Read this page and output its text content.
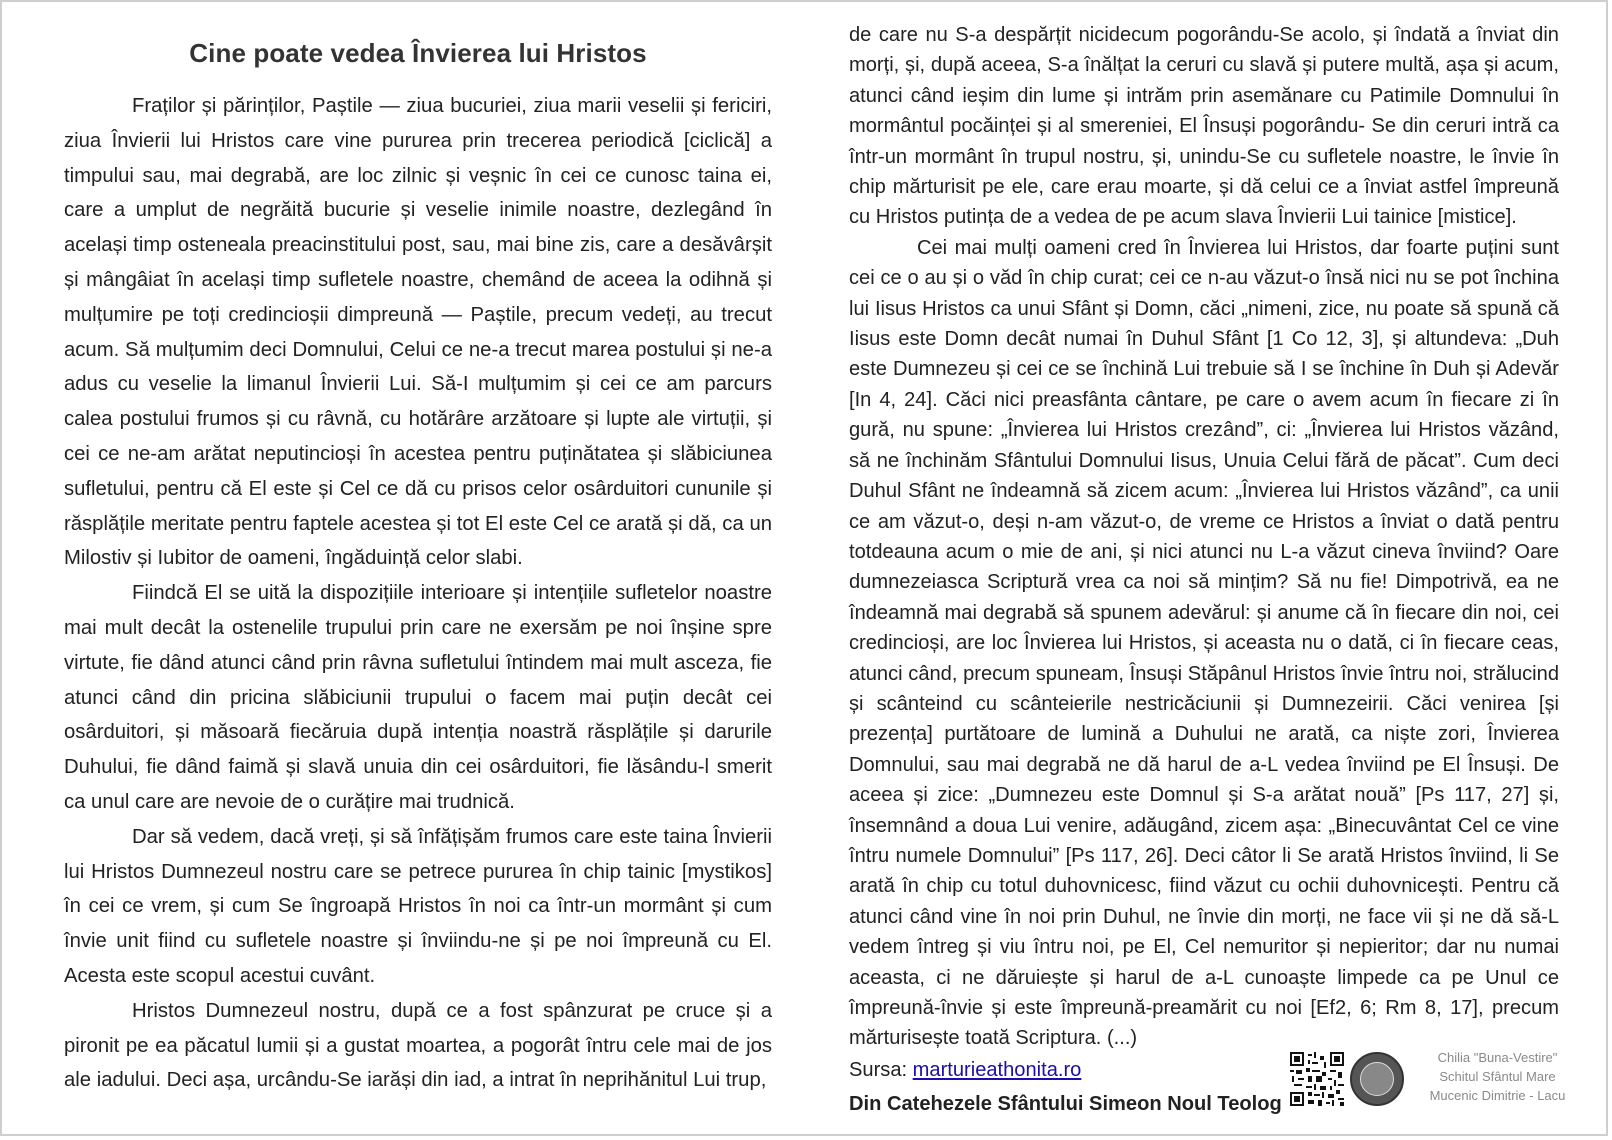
Cine poate vedea Învierea lui Hristos

Fraților și părinților, Paștile — ziua bucuriei, ziua marii veselii și fericiri, ziua Învierii lui Hristos care vine pururea prin trecerea periodică [ciclică] a timpului sau, mai degrabă, are loc zilnic și veșnic în cei ce cunosc taina ei, care a umplut de negrăită bucurie și veselie inimile noastre, dezlegând în același timp osteneala preacinstitului post, sau, mai bine zis, care a desăvârșit și mângâiat în același timp sufletele noastre, chemând de aceea la odihnă și mulțumire pe toți credincioșii dimpreună — Paștile, precum vedeți, au trecut acum. Să mulțumim deci Domnului, Celui ce ne-a trecut marea postului și ne-a adus cu veselie la limanul Învierii Lui. Să-I mulțumim și cei ce am parcurs calea postului frumos și cu râvnă, cu hotărâre arzătoare și lupte ale virtuții, și cei ce ne-am arătat neputincioși în acestea pentru puținătatea și slăbiciunea sufletului, pentru că El este și Cel ce dă cu prisos celor osârduitori cununile și răsplățile meritate pentru faptele acestea și tot El este Cel ce arată și dă, ca un Milostiv și Iubitor de oameni, îngăduință celor slabi.

Fiindcă El se uită la dispozițiile interioare și intențiile sufletelor noastre mai mult decât la ostenelile trupului prin care ne exersăm pe noi înșine spre virtute, fie dând atunci când prin râvna sufletului întindem mai mult asceza, fie atunci când din pricina slăbiciunii trupului o facem mai puțin decât cei osârduitori, și măsoară fiecăruia după intenția noastră răsplățile și darurile Duhului, fie dând faimă și slavă unuia din cei osârduitori, fie lăsându-l smerit ca unul care are nevoie de o curățire mai trudnică.

Dar să vedem, dacă vreți, și să înfățișăm frumos care este taina Învierii lui Hristos Dumnezeul nostru care se petrece pururea în chip tainic [mystikos] în cei ce vrem, și cum Se îngroapă Hristos în noi ca într-un mormânt și cum învie unit fiind cu sufletele noastre și înviindu-ne și pe noi împreună cu El. Acesta este scopul acestui cuvânt.

Hristos Dumnezeul nostru, după ce a fost spânzurat pe cruce și a pironit pe ea păcatul lumii și a gustat moartea, a pogorât întru cele mai de jos ale iadului. Deci așa, urcându-Se iarăși din iad, a intrat în neprihănitul Lui trup,

de care nu S-a despărțit nicidecum pogorându-Se acolo, și îndată a înviat din morți, și, după aceea, S-a înălțat la ceruri cu slavă și putere multă, așa și acum, atunci când ieșim din lume și intrăm prin asemănare cu Patimile Domnului în mormântul pocăinței și al smereniei, El Însuși pogorându- Se din ceruri intră ca într-un mormânt în trupul nostru, și, unindu-Se cu sufletele noastre, le învie în chip mărturisit pe ele, care erau moarte, și dă celui ce a înviat astfel împreună cu Hristos putința de a vedea de pe acum slava Învierii Lui tainice [mistice].

Cei mai mulți oameni cred în Învierea lui Hristos, dar foarte puțini sunt cei ce o au și o văd în chip curat; cei ce n-au văzut-o însă nici nu se pot închina lui Iisus Hristos ca unui Sfânt și Domn, căci „nimeni, zice, nu poate să spună că Iisus este Domn decât numai în Duhul Sfânt [1 Co 12, 3], și altundeva: „Duh este Dumnezeu și cei ce se închină Lui trebuie să I se închine în Duh și Adevăr [In 4, 24]. Căci nici preasfânta cântare, pe care o avem acum în fiecare zi în gură, nu spune: „Învierea lui Hristos crezând”, ci: „Învierea lui Hristos văzând, să ne închinăm Sfântului Domnului Iisus, Unuia Celui fără de păcat”. Cum deci Duhul Sfânt ne îndeamnă să zicem acum: „Învierea lui Hristos văzând”, ca unii ce am văzut-o, deși n-am văzut-o, de vreme ce Hristos a înviat o dată pentru totdeauna acum o mie de ani, și nici atunci nu L-a văzut cineva înviind? Oare dumnezeiasca Scriptură vrea ca noi să mințim? Să nu fie! Dimpotrivă, ea ne îndeamnă mai degrabă să spunem adevărul: și anume că în fiecare din noi, cei credincioși, are loc Învierea lui Hristos, și aceasta nu o dată, ci în fiecare ceas, atunci când, precum spuneam, Însuși Stăpânul Hristos învie întru noi, strălucind și scânteind cu scânteierile nestricăciunii și Dumnezeirii. Căci venirea [și prezența] purtătoare de lumină a Duhului ne arată, ca niște zori, Învierea Domnului, sau mai degrabă ne dă harul de a-L vedea înviind pe El Însuși. De aceea și zice: „Dumnezeu este Domnul și S-a arătat nouă” [Ps 117, 27] și, însemnând a doua Lui venire, adăugând, zicem așa: „Binecuvântat Cel ce vine întru numele Domnului” [Ps 117, 26]. Deci câtor li Se arată Hristos înviind, li Se arată în chip cu totul duhovnicesc, fiind văzut cu ochii duhovnicești. Pentru că atunci când vine în noi prin Duhul, ne învie din morți, ne face vii și ne dă să-L vedem întreg și viu întru noi, pe El, Cel nemuritor și nepieritor; dar nu numai aceasta, ci ne dăruiește și harul de a-L cunoaște limpede ca pe Unul ce împreună-învie și este împreună-preamărit cu noi [Ef2, 6; Rm 8, 17], precum mărturisește toată Scriptura. (...)

Sursa: marturieathonita.ro
Din Catehezele Sfântului Simeon Noul Teolog
Chilia "Buna-Vestire"
Schitul Sfântul Mare
Mucenic Dimitrie - Lacu
